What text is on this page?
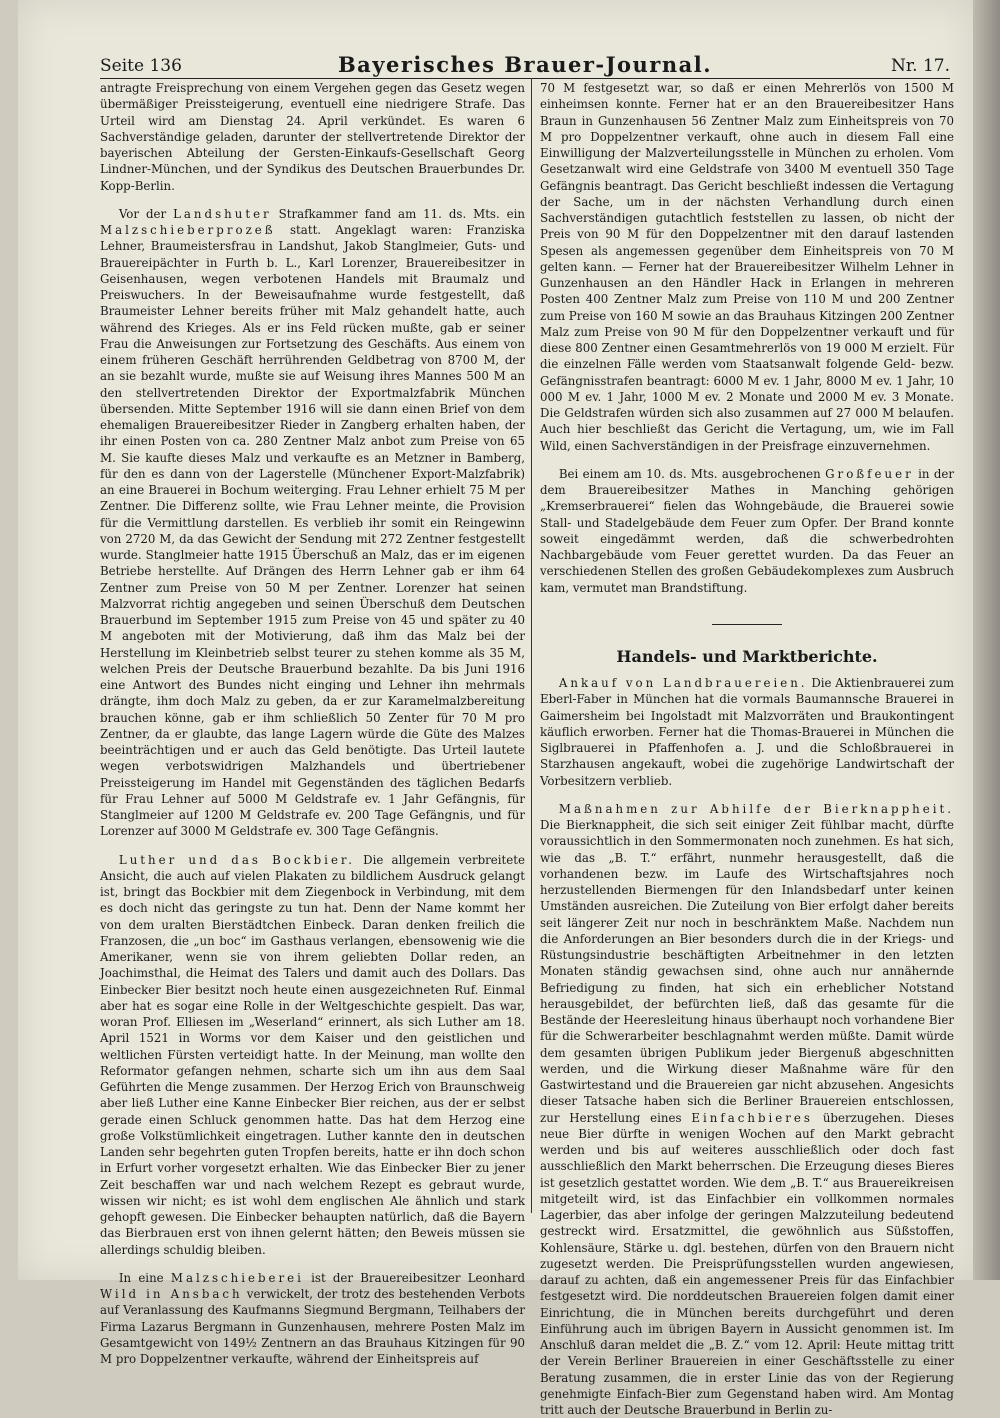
Seite 136	Bayerisches Brauer-Journal.	Nr. 17.

antragte Freisprechung von einem Vergehen gegen das Gesetz wegen übermäßiger Preissteigerung, eventuell eine niedrigere Strafe. Das Urteil wird am Dienstag 24. April verkündet. Es waren 6 Sachverständige geladen, darunter der stellvertretende Direktor der bayerischen Abteilung der Gersten-Einkaufs-Gesellschaft Georg Lindner-München, und der Syndikus des Deutschen Brauerbundes Dr. Kopp-Berlin.

Vor der Landshuter Strafkammer fand am 11. ds. Mts. ein Malzschieberprozeß statt. Angeklagt waren: Franziska Lehner, Braumeistersfrau in Landshut, Jakob Stanglmeier, Guts- und Brauereipächter in Furth b. L., Karl Lorenzer, Brauereibesitzer in Geisenhausen, wegen verbotenen Handels mit Braumalz und Preiswuchers. In der Beweisaufnahme wurde festgestellt, daß Braumeister Lehner bereits früher mit Malz gehandelt hatte, auch während des Krieges. Als er ins Feld rücken mußte, gab er seiner Frau die Anweisungen zur Fortsetzung des Geschäfts. Aus einem von einem früheren Geschäft herrührenden Geldbetrag von 8700 M, der an sie bezahlt wurde, mußte sie auf Weisung ihres Mannes 500 M an den stellvertretenden Direktor der Exportmalzfabrik München übersenden. Mitte September 1916 will sie dann einen Brief von dem ehemaligen Brauereibesitzer Rieder in Zangberg erhalten haben, der ihr einen Posten von ca. 280 Zentner Malz anbot zum Preise von 65 M. Sie kaufte dieses Malz und verkaufte es an Metzner in Bamberg, für den es dann von der Lagerstelle (Münchener Export-Malzfabrik) an eine Brauerei in Bochum weiterging. Frau Lehner erhielt 75 M per Zentner. Die Differenz sollte, wie Frau Lehner meinte, die Provision für die Vermittlung darstellen. Es verblieb ihr somit ein Reingewinn von 2720 M, da das Gewicht der Sendung mit 272 Zentner festgestellt wurde. Stanglmeier hatte 1915 Überschuß an Malz, das er im eigenen Betriebe herstellte. Auf Drängen des Herrn Lehner gab er ihm 64 Zentner zum Preise von 50 M per Zentner. Lorenzer hat seinen Malzvorrat richtig angegeben und seinen Überschuß dem Deutschen Brauerbund im September 1915 zum Preise von 45 und später zu 40 M angeboten mit der Motivierung, daß ihm das Malz bei der Herstellung im Kleinbetrieb selbst teurer zu stehen komme als 35 M, welchen Preis der Deutsche Brauerbund bezahlte. Da bis Juni 1916 eine Antwort des Bundes nicht einging und Lehner ihn mehrmals drängte, ihm doch Malz zu geben, da er zur Karamelmalzbereitung brauchen könne, gab er ihm schließlich 50 Zenter für 70 M pro Zentner, da er glaubte, das lange Lagern würde die Güte des Malzes beeinträchtigen und er auch das Geld benötigte. Das Urteil lautete wegen verbotswidrigen Malzhandels und übertriebener Preissteigerung im Handel mit Gegenständen des täglichen Bedarfs für Frau Lehner auf 5000 M Geldstrafe ev. 1 Jahr Gefängnis, für Stanglmeier auf 1200 M Geldstrafe ev. 200 Tage Gefängnis, und für Lorenzer auf 3000 M Geldstrafe ev. 300 Tage Gefängnis.

Luther und das Bockbier. Die allgemein verbreitete Ansicht, die auch auf vielen Plakaten zu bildlichem Ausdruck gelangt ist, bringt das Bockbier mit dem Ziegenbock in Verbindung, mit dem es doch nicht das geringste zu tun hat. Denn der Name kommt her von dem uralten Bierstädtchen Einbeck. Daran denken freilich die Franzosen, die „un boc“ im Gasthaus verlangen, ebensowenig wie die Amerikaner, wenn sie von ihrem geliebten Dollar reden, an Joachimsthal, die Heimat des Talers und damit auch des Dollars. Das Einbecker Bier besitzt noch heute einen ausgezeichneten Ruf. Einmal aber hat es sogar eine Rolle in der Weltgeschichte gespielt. Das war, woran Prof. Elliesen im „Weserland“ erinnert, als sich Luther am 18. April 1521 in Worms vor dem Kaiser und den geistlichen und weltlichen Fürsten verteidigt hatte. In der Meinung, man wollte den Reformator gefangen nehmen, scharte sich um ihn aus dem Saal Geführten die Menge zusammen. Der Herzog Erich von Braunschweig aber ließ Luther eine Kanne Einbecker Bier reichen, aus der er selbst gerade einen Schluck genommen hatte. Das hat dem Herzog eine große Volkstümlichkeit eingetragen. Luther kannte den in deutschen Landen sehr begehrten guten Tropfen bereits, hatte er ihn doch schon in Erfurt vorher vorgesetzt erhalten. Wie das Einbecker Bier zu jener Zeit beschaffen war und nach welchem Rezept es gebraut wurde, wissen wir nicht; es ist wohl dem englischen Ale ähnlich und stark gehopft gewesen. Die Einbecker behaupten natürlich, daß die Bayern das Bierbrauen erst von ihnen gelernt hätten; den Beweis müssen sie allerdings schuldig bleiben.

In eine Malzschieberei ist der Brauereibesitzer Leonhard Wild in Ansbach verwickelt, der trotz des bestehenden Verbots auf Veranlassung des Kaufmanns Siegmund Bergmann, Teilhabers der Firma Lazarus Bergmann in Gunzenhausen, mehrere Posten Malz im Gesamtgewicht von 149½ Zentnern an das Brauhaus Kitzingen für 90 M pro Doppelzentner verkaufte, während der Einheitspreis auf

70 M festgesetzt war, so daß er einen Mehrerlös von 1500 M einheimsen konnte. Ferner hat er an den Brauereibesitzer Hans Braun in Gunzenhausen 56 Zentner Malz zum Einheitspreis von 70 M pro Doppelzentner verkauft, ohne auch in diesem Fall eine Einwilligung der Malzverteilungsstelle in München zu erholen. Vom Gesetzanwalt wird eine Geldstrafe von 3400 M eventuell 350 Tage Gefängnis beantragt. Das Gericht beschließt indessen die Vertagung der Sache, um in der nächsten Verhandlung durch einen Sachverständigen gutachtlich feststellen zu lassen, ob nicht der Preis von 90 M für den Doppelzentner mit den darauf lastenden Spesen als angemessen gegenüber dem Einheitspreis von 70 M gelten kann. — Ferner hat der Brauereibesitzer Wilhelm Lehner in Gunzenhausen an den Händler Hack in Erlangen in mehreren Posten 400 Zentner Malz zum Preise von 110 M und 200 Zentner zum Preise von 160 M sowie an das Brauhaus Kitzingen 200 Zentner Malz zum Preise von 90 M für den Doppelzentner verkauft und für diese 800 Zentner einen Gesamtmehrerlös von 19 000 M erzielt. Für die einzelnen Fälle werden vom Staatsanwalt folgende Geld- bezw. Gefängnisstrafen beantragt: 6000 M ev. 1 Jahr, 8000 M ev. 1 Jahr, 10 000 M ev. 1 Jahr, 1000 M ev. 2 Monate und 2000 M ev. 3 Monate. Die Geldstrafen würden sich also zusammen auf 27 000 M belaufen. Auch hier beschließt das Gericht die Vertagung, um, wie im Fall Wild, einen Sachverständigen in der Preisfrage einzuvernehmen.

Bei einem am 10. ds. Mts. ausgebrochenen Großfeuer in der dem Brauereibesitzer Mathes in Manching gehörigen „Kremserbrauerei“ fielen das Wohngebäude, die Brauerei sowie Stall- und Stadelgebäude dem Feuer zum Opfer. Der Brand konnte soweit eingedämmt werden, daß die schwerbedrohten Nachbargebäude vom Feuer gerettet wurden. Da das Feuer an verschiedenen Stellen des großen Gebäudekomplexes zum Ausbruch kam, vermutet man Brandstiftung.

Handels- und Marktberichte.

Ankauf von Landbrauereien. Die Aktienbrauerei zum Eberl-Faber in München hat die vormals Baumannsche Brauerei in Gaimersheim bei Ingolstadt mit Malzvorräten und Braukontingent käuflich erworben. Ferner hat die Thomas-Brauerei in München die Siglbrauerei in Pfaffenhofen a. J. und die Schloßbrauerei in Starzhausen angekauft, wobei die zugehörige Landwirtschaft der Vorbesitzern verblieb.

Maßnahmen zur Abhilfe der Bierknappheit. Die Bierknappheit, die sich seit einiger Zeit fühlbar macht, dürfte voraussichtlich in den Sommermonaten noch zunehmen. Es hat sich, wie das „B. T.“ erfährt, nunmehr herausgestellt, daß die vorhandenen bezw. im Laufe des Wirtschaftsjahres noch herzustellenden Biermengen für den Inlandsbedarf unter keinen Umständen ausreichen. Die Zuteilung von Bier erfolgt daher bereits seit längerer Zeit nur noch in beschränktem Maße. Nachdem nun die Anforderungen an Bier besonders durch die in der Kriegs- und Rüstungsindustrie beschäftigten Arbeitnehmer in den letzten Monaten ständig gewachsen sind, ohne auch nur annähernde Befriedigung zu finden, hat sich ein erheblicher Notstand herausgebildet, der befürchten ließ, daß das gesamte für die Bestände der Heeresleitung hinaus überhaupt noch vorhandene Bier für die Schwerarbeiter beschlagnahmt werden müßte. Damit würde dem gesamten übrigen Publikum jeder Biergenuß abgeschnitten werden, und die Wirkung dieser Maßnahme wäre für den Gastwirtestand und die Brauereien gar nicht abzusehen. Angesichts dieser Tatsache haben sich die Berliner Brauereien entschlossen, zur Herstellung eines Einfachbieres überzugehen. Dieses neue Bier dürfte in wenigen Wochen auf den Markt gebracht werden und bis auf weiteres ausschließlich oder doch fast ausschließlich den Markt beherrschen. Die Erzeugung dieses Bieres ist gesetzlich gestattet worden. Wie dem „B. T.“ aus Brauereikreisen mitgeteilt wird, ist das Einfachbier ein vollkommen normales Lagerbier, das aber infolge der geringen Malzzuteilung bedeutend gestreckt wird. Ersatzmittel, die gewöhnlich aus Süßstoffen, Kohlensäure, Stärke u. dgl. bestehen, dürfen von den Brauern nicht zugesetzt werden. Die Preisprüfungsstellen wurden angewiesen, darauf zu achten, daß ein angemessener Preis für das Einfachbier festgesetzt wird. Die norddeutschen Brauereien folgen damit einer Einrichtung, die in München bereits durchgeführt und deren Einführung auch im übrigen Bayern in Aussicht genommen ist. Im Anschluß daran meldet die „B. Z.“ vom 12. April: Heute mittag tritt der Verein Berliner Brauereien in einer Geschäftsstelle zu einer Beratung zusammen, die in erster Linie das von der Regierung genehmigte Einfach-Bier zum Gegenstand haben wird. Am Montag tritt auch der Deutsche Brauerbund in Berlin zu-
